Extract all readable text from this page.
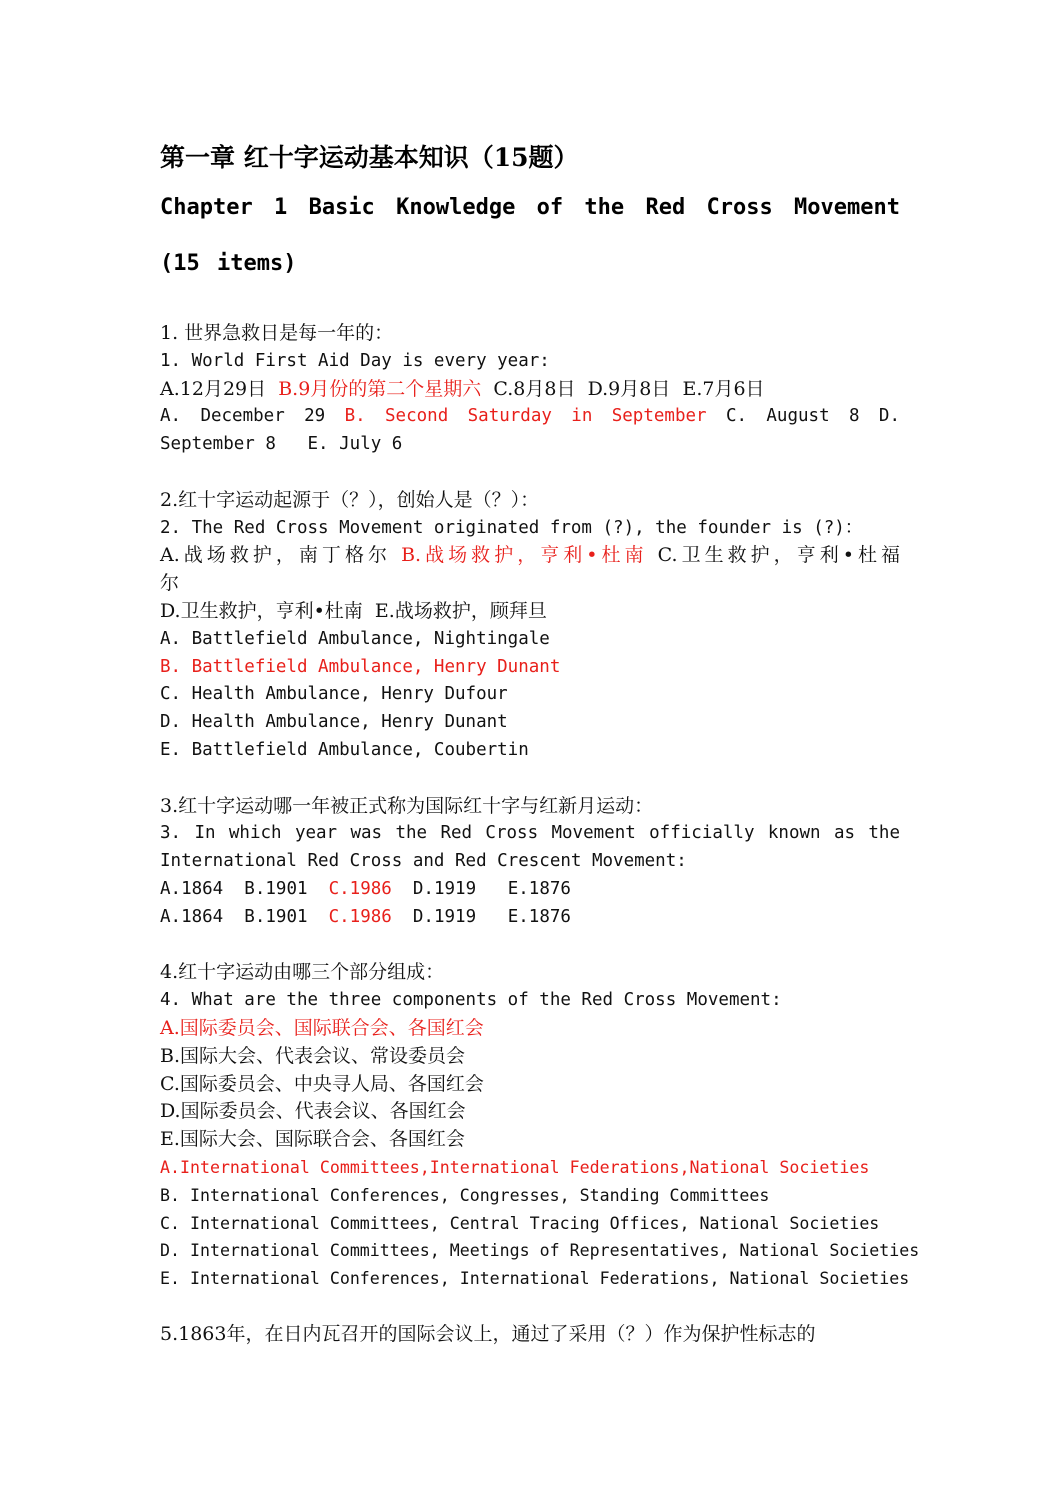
第一章 红十字运动基本知识（15题）
Chapter 1 Basic Knowledge of the Red Cross Movement (15 items)
1. 世界急救日是每一年的：
1. World First Aid Day is every year:
A.12月29日 B.9月份的第二个星期六 C.8月8日 D.9月8日 E.7月6日
A. December 29 B. Second Saturday in September C. August 8 D.
September 8 E. July 6
2.红十字运动起源于（？），创始人是（？）：
2. The Red Cross Movement originated from (?), the founder is (?)：
A.战场救护，南丁格尔 B.战场救护，亨利•杜南 C.卫生救护，亨利•杜福
尔
D.卫生救护，亨利•杜南 E.战场救护，顾拜旦
A. Battlefield Ambulance, Nightingale
B. Battlefield Ambulance, Henry Dunant
C. Health Ambulance, Henry Dufour
D. Health Ambulance, Henry Dunant
E. Battlefield Ambulance, Coubertin
3.红十字运动哪一年被正式称为国际红十字与红新月运动：
3. In which year was the Red Cross Movement officially known as the International Red Cross and Red Crescent Movement:
A.1864 B.1901 C.1986 D.1919 E.1876
A.1864 B.1901 C.1986 D.1919 E.1876
4.红十字运动由哪三个部分组成：
4. What are the three components of the Red Cross Movement:
A.国际委员会、国际联合会、各国红会
B.国际大会、代表会议、常设委员会
C.国际委员会、中央寻人局、各国红会
D.国际委员会、代表会议、各国红会
E.国际大会、国际联合会、各国红会
A.International Committees,International Federations,National Societies
B. International Conferences, Congresses, Standing Committees
C. International Committees, Central Tracing Offices, National Societies
D. International Committees, Meetings of Representatives, National Societies
E. International Conferences, International Federations, National Societies
5.1863年，在日内瓦召开的国际会议上，通过了采用（？）作为保护性标志的
